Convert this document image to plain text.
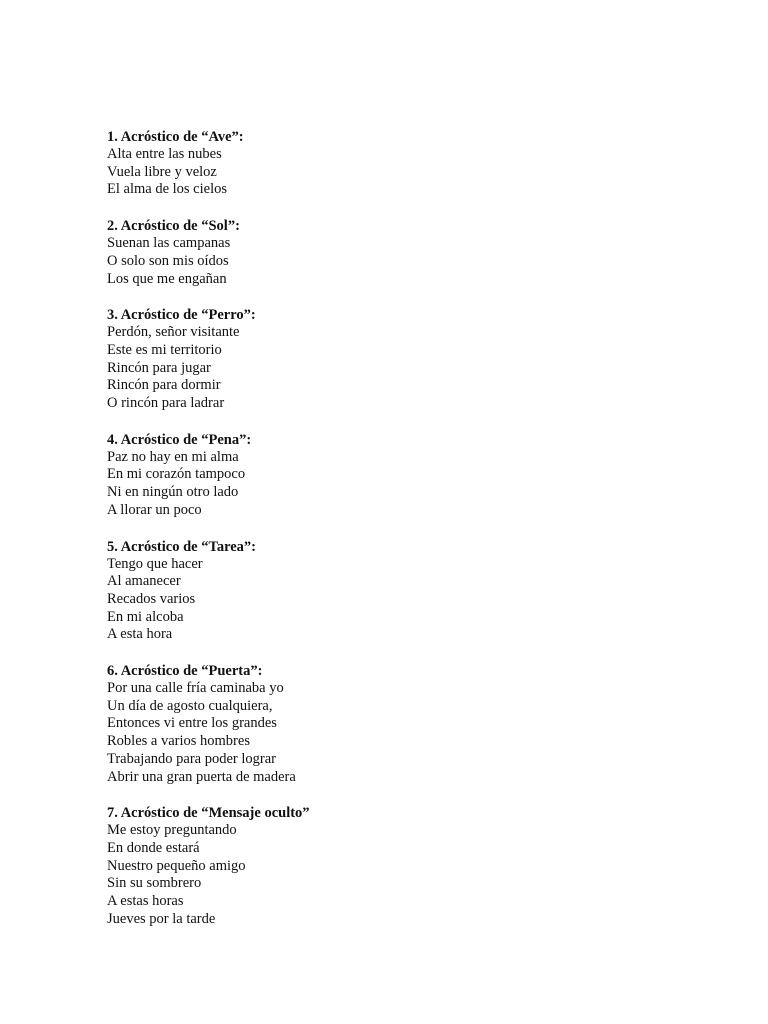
1. Acróstico de “Ave”:

Alta entre las nubes
Vuela libre y veloz
El alma de los cielos

2. Acróstico de “Sol”:

Suenan las campanas
O solo son mis oídos
Los que me engañan

3. Acróstico de “Perro”:

Perdón, señor visitante
Este es mi territorio
Rincón para jugar
Rincón para dormir
O rincón para ladrar

4. Acróstico de “Pena”:

Paz no hay en mi alma
En mi corazón tampoco
Ni en ningún otro lado
A llorar un poco

5. Acróstico de “Tarea”:

Tengo que hacer
Al amanecer
Recados varios
En mi alcoba
A esta hora

6. Acróstico de “Puerta”:

Por una calle fría caminaba yo
Un día de agosto cualquiera,
Entonces vi entre los grandes
Robles a varios hombres
Trabajando para poder lograr
Abrir una gran puerta de madera

7. Acróstico de “Mensaje oculto”

Me estoy preguntando
En donde estará
Nuestro pequeño amigo
Sin su sombrero
A estas horas
Jueves por la tarde
